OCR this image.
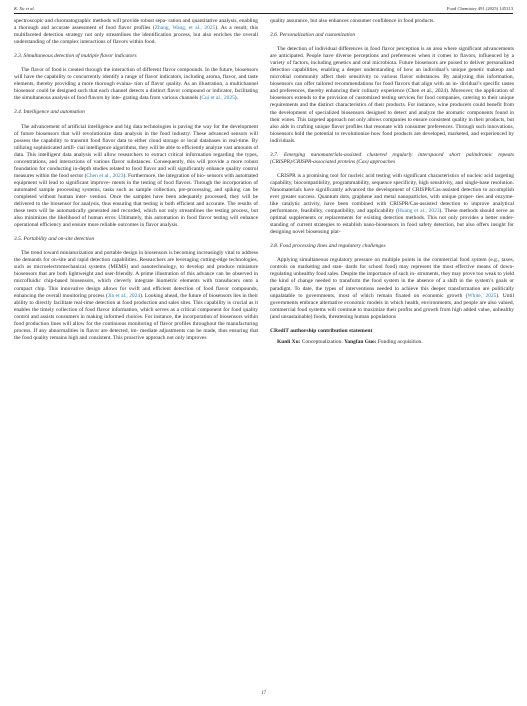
K. Xu et al.	Food Chemistry 491 (2025) 145313

spectroscopic and chromatographic methods will provide robust sepa- ration and quantitative analysis, enabling a thorough and accurate assessment of food flavor profiles (Zhang, Wang, et al., 2025). As a result, this multifaceted detection strategy not only streamlines the identification process, but also enriches the overall understanding of the complex interactions of flavors within food.

3.3. Simultaneous detection of multiple flavor indicators

The flavor of food is created through the interaction of different flavor compounds. In the future, biosensors will have the capability to concurrently identify a range of flavor indicators, including aroma, flavor, and taste elements, thereby providing a more thorough evalua- tion of flavor quality. As an illustration, a multichannel biosensor could be designed such that each channel detects a distinct flavor compound or indicator, facilitating the simultaneous analysis of food flavors by inte- grating data from various channels (Cui et al., 2025).

3.4. Intelligence and automation

The advancement of artificial intelligence and big data technologies is paving the way for the development of future biosensors that will revolutionize data analysis in the food industry. These advanced sensors will possess the capability to transmit food flavor data to either cloud storage or local databases in real-time. By utilizing sophisticated artifi- cial intelligence algorithms, they will be able to efficiently analyze vast amounts of data. This intelligent data analysis will allow researchers to extract critical information regarding the types, concentrations, and interactions of various flavor substances. Consequently, this will provide a more robust foundation for conducting in-depth studies related to food flavor and will significantly enhance quality control measures within the food sector (Chen et al., 2023). Furthermore, the integration of bio- sensors with automated equipment will lead to significant improve- ments in the testing of food flavors. Through the incorporation of automated sample processing systems, tasks such as sample collection, pre-processing, and spiking can be completed without human inter- vention. Once the samples have been adequately processed, they will be delivered to the biosensor for analysis, thus ensuring that testing is both efficient and accurate. The results of these tests will be automatically generated and recorded, which not only streamlines the testing process, but also minimizes the likelihood of human error. Ultimately, this automation in food flavor testing will enhance operational efficiency and ensure more reliable outcomes in flavor analysis.

3.5. Portability and on-site detection

The trend toward miniaturization and portable design in biosensors is becoming increasingly vital to address the demands for on-site and rapid detection capabilities. Researchers are leveraging cutting-edge technologies, such as microelectromechanical systems (MEMS) and nanotechnology, to develop and produce miniature biosensors that are both lightweight and user-friendly. A prime illustration of this advance can be observed in microfluidic chip-based biosensors, which cleverly integrate biometric elements with transducers onto a compact chip. This innovative design allows for swift and efficient detection of food flavor compounds, enhancing the overall monitoring process (Jin et al., 2024). Looking ahead, the future of biosensors lies in their ability to directly facilitate real-time detection at food production and sales sites. This capability is crucial as it enables the timely collection of food flavor information, which serves as a critical component for food quality control and assists consumers in making informed choices. For instance, the incorporation of biosensors within food production lines will allow for the continuous monitoring of flavor profiles throughout the manufacturing process. If any abnormalities in flavor are detected, im- mediate adjustments can be made, thus ensuring that the food quality remains high and consistent. This proactive approach not only improves

quality assurance, but also enhances consumer confidence in food products.

3.6. Personalization and customization

The detection of individual differences in food flavor perception is an area where significant advancements are anticipated. People have diverse perceptions and preferences when it comes to flavors, influenced by a variety of factors, including genetics and oral microbiota. Future biosensors are poised to deliver personalized detection capabilities, enabling a deeper understanding of how an individual’s unique genetic makeup and microbial community affect their sensitivity to various flavor substances. By analyzing this information, biosensors can offer tailored recommendations for food flavors that align with an in- dividual’s specific tastes and preferences, thereby enhancing their culinary experience (Chen et al., 2024). Moreover, the application of biosensors extends to the provision of customized testing services for food companies, catering to their unique requirements and the distinct characteristics of their products. For instance, wine producers could benefit from the development of specialized biosensors designed to detect and analyze the aromatic components found in their wines. This targeted approach not only allows companies to ensure consistent quality in their products, but also aids in crafting unique flavor profiles that resonate with consumer preferences. Through such innovations, biosensors hold the potential to revolutionize how food products are developed, marketed, and experienced by individuals.

3.7. Emerging nanomaterials-assisted clustered regularly interspaced short palindromic repeats (CRISPR)/CRISPR-associated proteins (Cas) approaches

CRISPR is a promising tool for nucleic acid testing with significant characteristics of nucleic acid targeting capability, biocompatibility, programmability, sequence specificity, high sensitivity, and single-base resolution. Nanomaterials have significantly advanced the development of CRISPR/Cas-assisted detection to accomplish ever greater success. Quantum dots, graphene and metal nanoparticles, with unique proper- ties and enzyme-like catalytic activity, have been combined with CRISPR/Cas-assisted detection to improve analytical performance, feasibility, compatibility, and applicability (Huang et al., 2023). These methods should serve as optimal supplements or replacements for existing detection methods. This not only provides a better under- standing of current strategies to establish nano-biosensors in food safety detection, but also offers insight for designing novel biosensing plat-

3.8. Food processing lines and regulatory challenges

Applying simultaneous regulatory pressure on multiple points in the commercial food system (e.g., taxes, controls on marketing and stan- dards for school food) may represent the most effective means of down- regulating unhealthy food sales. Despite the importance of such in- struments, they may prove too weak to yield the kind of change needed to transform the food system in the absence of a shift in the system’s goals or paradigm. To date, the types of interventions needed to achieve this deeper transformation are politically unpalatable to governments, most of which remain fixated on economic growth (White, 2025). Until governments embrace alternative economic models in which health, environments, and people are also valued, commercial food systems will continue to maximize their profits and growth from high added value, unhealthy (and unsustainable) foods, threatening human populations

CRediT authorship contribution statement

Kunli Xu: Conceptualization. Yangfan Guo: Funding acquisition.

17
